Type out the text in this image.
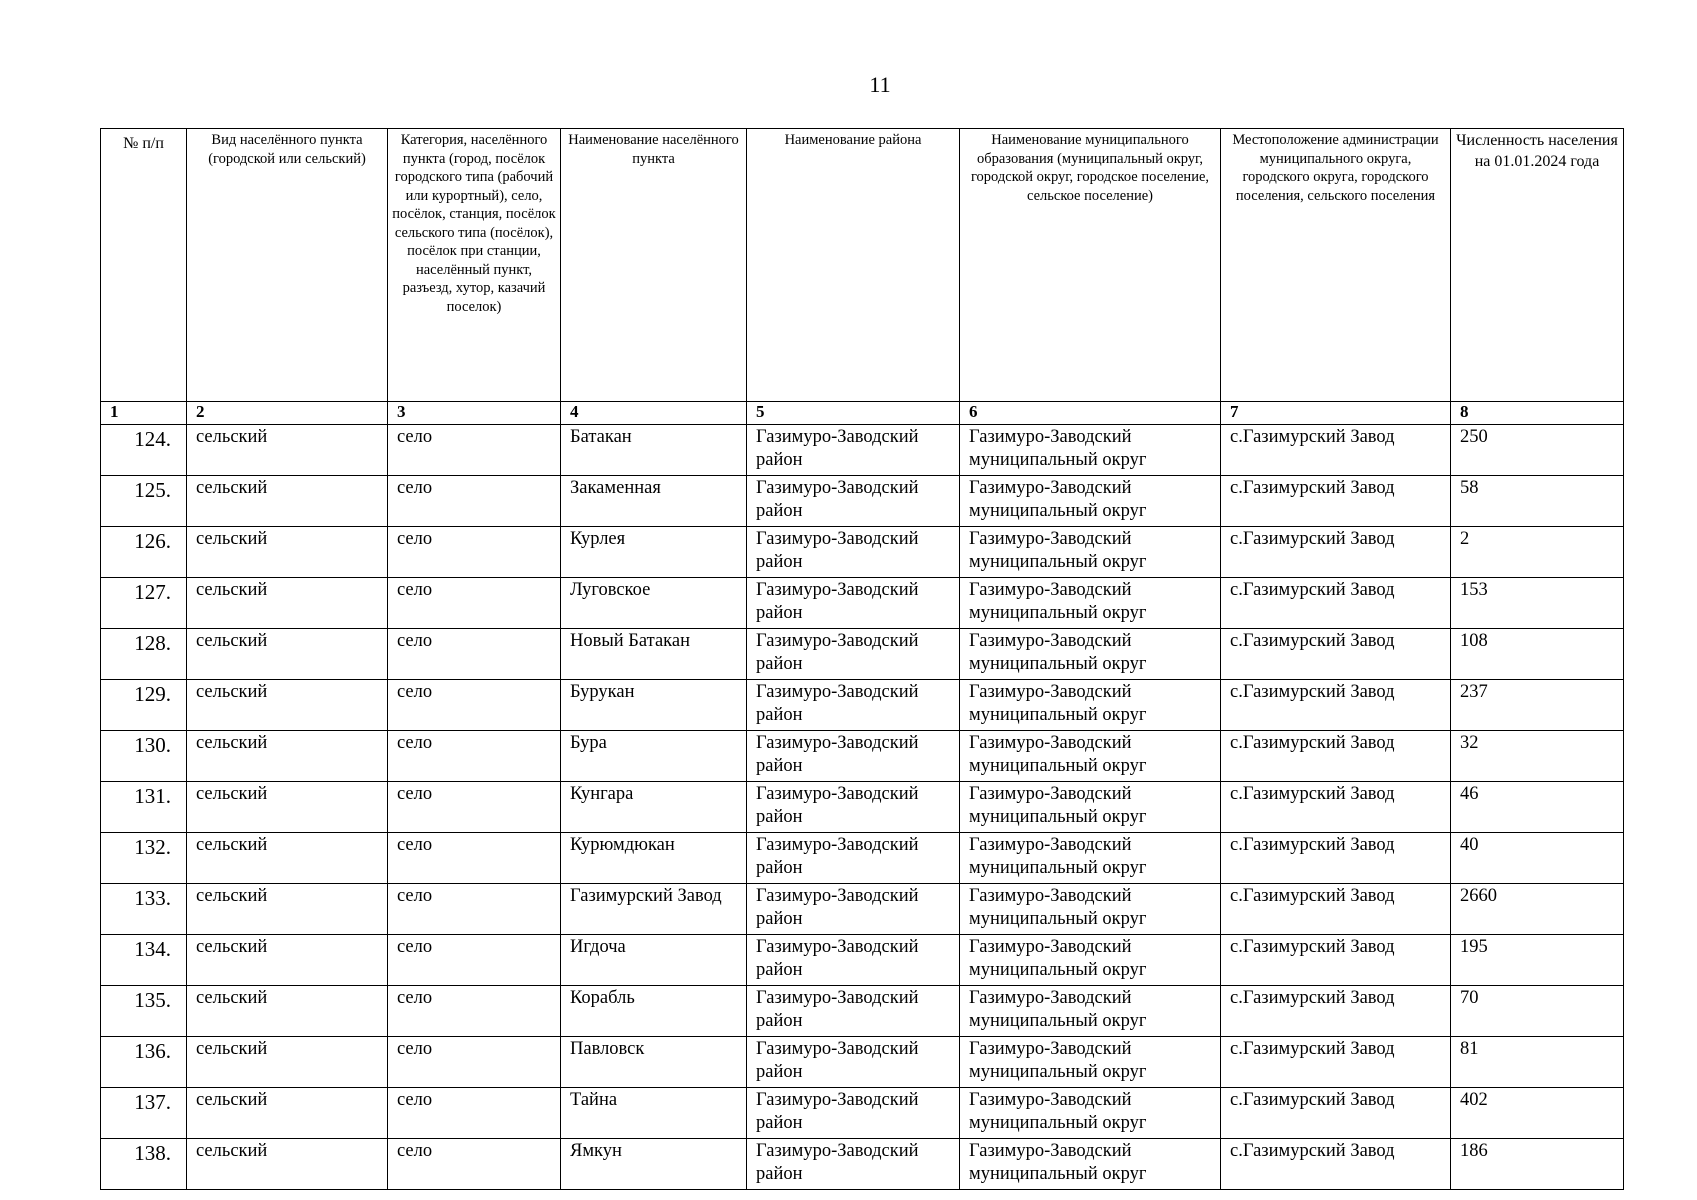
11
№ п/п	Вид населённого пункта (городской или сельский)	Категория, населённого пункта (город, посёлок городского типа (рабочий или курортный), село, посёлок, станция, посёлок сельского типа (посёлок), посёлок при станции, населённый пункт, разъезд, хутор, казачий поселок)	Наименование населённого пункта	Наименование района	Наименование муниципального образования (муниципальный округ, городской округ, городское поселение, сельское поселение)	Местоположение администрации муниципального округа, городского округа, городского поселения, сельского поселения	Численность населения на 01.01.2024 года
1	2	3	4	5	6	7	8
124.	сельский	село	Батакан	Газимуро-Заводский район	Газимуро-Заводский муниципальный округ	с.Газимурский Завод	250
125.	сельский	село	Закаменная	Газимуро-Заводский район	Газимуро-Заводский муниципальный округ	с.Газимурский Завод	58
126.	сельский	село	Курлея	Газимуро-Заводский район	Газимуро-Заводский муниципальный округ	с.Газимурский Завод	2
127.	сельский	село	Луговское	Газимуро-Заводский район	Газимуро-Заводский муниципальный округ	с.Газимурский Завод	153
128.	сельский	село	Новый Батакан	Газимуро-Заводский район	Газимуро-Заводский муниципальный округ	с.Газимурский Завод	108
129.	сельский	село	Бурукан	Газимуро-Заводский район	Газимуро-Заводский муниципальный округ	с.Газимурский Завод	237
130.	сельский	село	Бура	Газимуро-Заводский район	Газимуро-Заводский муниципальный округ	с.Газимурский Завод	32
131.	сельский	село	Кунгара	Газимуро-Заводский район	Газимуро-Заводский муниципальный округ	с.Газимурский Завод	46
132.	сельский	село	Курюмдюкан	Газимуро-Заводский район	Газимуро-Заводский муниципальный округ	с.Газимурский Завод	40
133.	сельский	село	Газимурский Завод	Газимуро-Заводский район	Газимуро-Заводский муниципальный округ	с.Газимурский Завод	2660
134.	сельский	село	Игдоча	Газимуро-Заводский район	Газимуро-Заводский муниципальный округ	с.Газимурский Завод	195
135.	сельский	село	Корабль	Газимуро-Заводский район	Газимуро-Заводский муниципальный округ	с.Газимурский Завод	70
136.	сельский	село	Павловск	Газимуро-Заводский район	Газимуро-Заводский муниципальный округ	с.Газимурский Завод	81
137.	сельский	село	Тайна	Газимуро-Заводский район	Газимуро-Заводский муниципальный округ	с.Газимурский Завод	402
138.	сельский	село	Ямкун	Газимуро-Заводский район	Газимуро-Заводский муниципальный округ	с.Газимурский Завод	186
